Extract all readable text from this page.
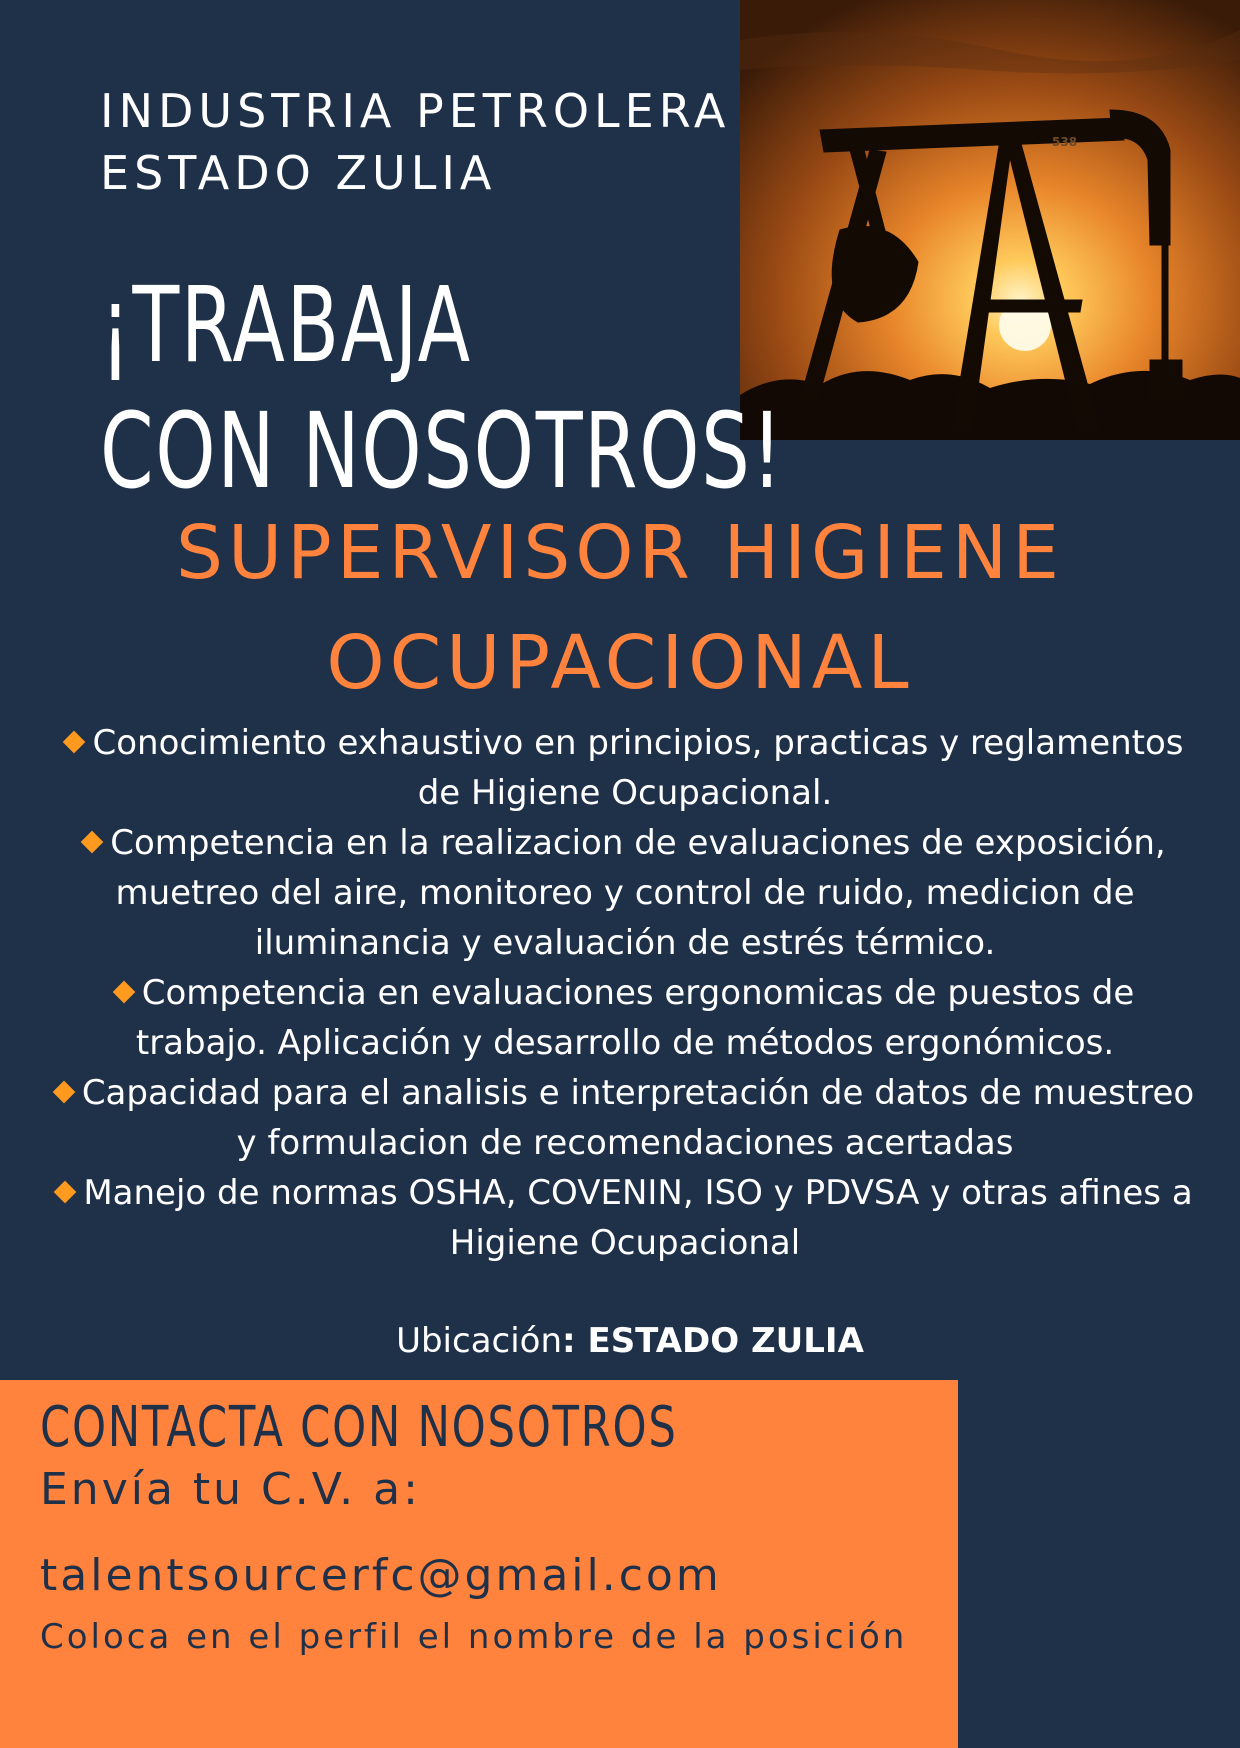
538
INDUSTRIA PETROLERA
ESTADO ZULIA
¡TRABAJA
CON NOSOTROS!
SUPERVISOR HIGIENE
OCUPACIONAL
Conocimiento exhaustivo en principios, practicas y reglamentos de Higiene Ocupacional.
Competencia en la realizacion de evaluaciones de exposición, muetreo del aire, monitoreo y control de ruido, medicion de iluminancia y evaluación de estrés térmico.
Competencia en evaluaciones ergonomicas de puestos de trabajo. Aplicación y desarrollo de métodos ergonómicos.
Capacidad para el analisis e interpretación de datos de muestreo y formulacion de recomendaciones acertadas
Manejo de normas OSHA, COVENIN, ISO y PDVSA y otras afines a Higiene Ocupacional

Ubicación: ESTADO ZULIA

CONTACTA CON NOSOTROS

Envía tu C.V. a:

talentsourcerfc@gmail.com

Coloca en el perfil el nombre de la posición
